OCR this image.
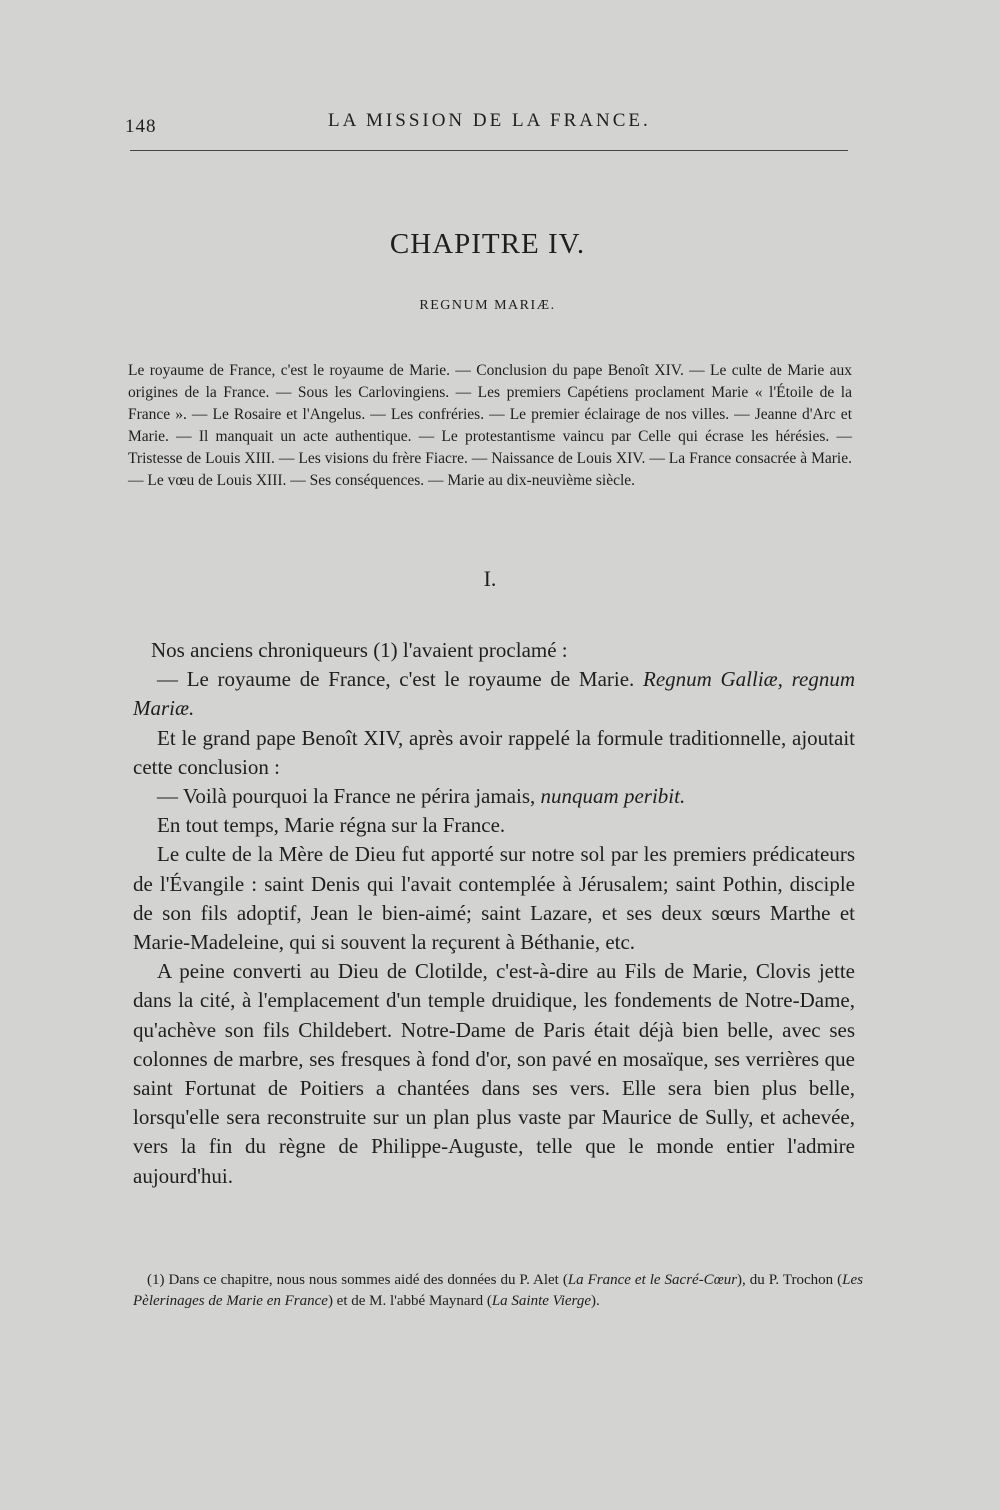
148	LA MISSION DE LA FRANCE.
CHAPITRE IV.
REGNUM MARIÆ.

Le royaume de France, c'est le royaume de Marie. — Conclusion du pape Benoît XIV. — Le culte de Marie aux origines de la France. — Sous les Carlovingiens. — Les premiers Capétiens proclament Marie « l'Étoile de la France ». — Le Rosaire et l'Angelus. — Les confréries. — Le premier éclairage de nos villes. — Jeanne d'Arc et Marie. — Il manquait un acte authentique. — Le protestantisme vaincu par Celle qui écrase les hérésies. — Tristesse de Louis XIII. — Les visions du frère Fiacre. — Naissance de Louis XIV. — La France consacrée à Marie. — Le vœu de Louis XIII. — Ses conséquences. — Marie au dix-neuvième siècle.

I.

Nos anciens chroniqueurs (1) l'avaient proclamé :

— Le royaume de France, c'est le royaume de Marie. Regnum Galliæ, regnum Mariæ.

Et le grand pape Benoît XIV, après avoir rappelé la formule traditionnelle, ajoutait cette conclusion :

— Voilà pourquoi la France ne périra jamais, nunquam peribit.

En tout temps, Marie régna sur la France.

Le culte de la Mère de Dieu fut apporté sur notre sol par les premiers prédicateurs de l'Évangile : saint Denis qui l'avait contemplée à Jérusalem; saint Pothin, disciple de son fils adoptif, Jean le bien-aimé; saint Lazare, et ses deux sœurs Marthe et Marie-Madeleine, qui si souvent la reçurent à Béthanie, etc.

A peine converti au Dieu de Clotilde, c'est-à-dire au Fils de Marie, Clovis jette dans la cité, à l'emplacement d'un temple druidique, les fondements de Notre-Dame, qu'achève son fils Childebert. Notre-Dame de Paris était déjà bien belle, avec ses colonnes de marbre, ses fresques à fond d'or, son pavé en mosaïque, ses verrières que saint Fortunat de Poitiers a chantées dans ses vers. Elle sera bien plus belle, lorsqu'elle sera reconstruite sur un plan plus vaste par Maurice de Sully, et achevée, vers la fin du règne de Philippe-Auguste, telle que le monde entier l'admire aujourd'hui.

(1) Dans ce chapitre, nous nous sommes aidé des données du P. Alet (La France et le Sacré-Cœur), du P. Trochon (Les Pèlerinages de Marie en France) et de M. l'abbé Maynard (La Sainte Vierge).
